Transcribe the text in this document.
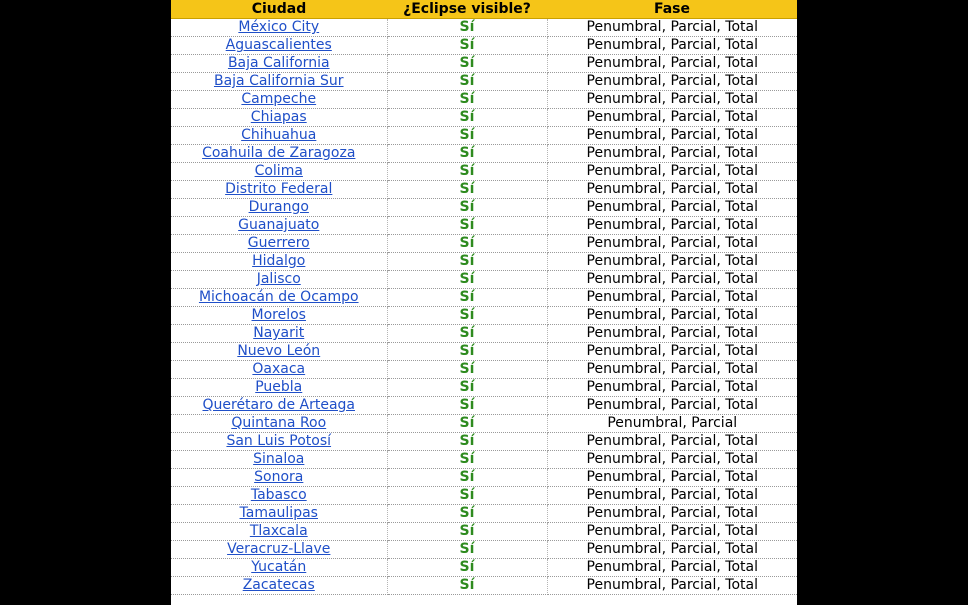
Ciudad	¿Eclipse visible?	Fase
México City	Sí	Penumbral, Parcial, Total
Aguascalientes	Sí	Penumbral, Parcial, Total
Baja California	Sí	Penumbral, Parcial, Total
Baja California Sur	Sí	Penumbral, Parcial, Total
Campeche	Sí	Penumbral, Parcial, Total
Chiapas	Sí	Penumbral, Parcial, Total
Chihuahua	Sí	Penumbral, Parcial, Total
Coahuila de Zaragoza	Sí	Penumbral, Parcial, Total
Colima	Sí	Penumbral, Parcial, Total
Distrito Federal	Sí	Penumbral, Parcial, Total
Durango	Sí	Penumbral, Parcial, Total
Guanajuato	Sí	Penumbral, Parcial, Total
Guerrero	Sí	Penumbral, Parcial, Total
Hidalgo	Sí	Penumbral, Parcial, Total
Jalisco	Sí	Penumbral, Parcial, Total
Michoacán de Ocampo	Sí	Penumbral, Parcial, Total
Morelos	Sí	Penumbral, Parcial, Total
Nayarit	Sí	Penumbral, Parcial, Total
Nuevo León	Sí	Penumbral, Parcial, Total
Oaxaca	Sí	Penumbral, Parcial, Total
Puebla	Sí	Penumbral, Parcial, Total
Querétaro de Arteaga	Sí	Penumbral, Parcial, Total
Quintana Roo	Sí	Penumbral, Parcial
San Luis Potosí	Sí	Penumbral, Parcial, Total
Sinaloa	Sí	Penumbral, Parcial, Total
Sonora	Sí	Penumbral, Parcial, Total
Tabasco	Sí	Penumbral, Parcial, Total
Tamaulipas	Sí	Penumbral, Parcial, Total
Tlaxcala	Sí	Penumbral, Parcial, Total
Veracruz-Llave	Sí	Penumbral, Parcial, Total
Yucatán	Sí	Penumbral, Parcial, Total
Zacatecas	Sí	Penumbral, Parcial, Total
